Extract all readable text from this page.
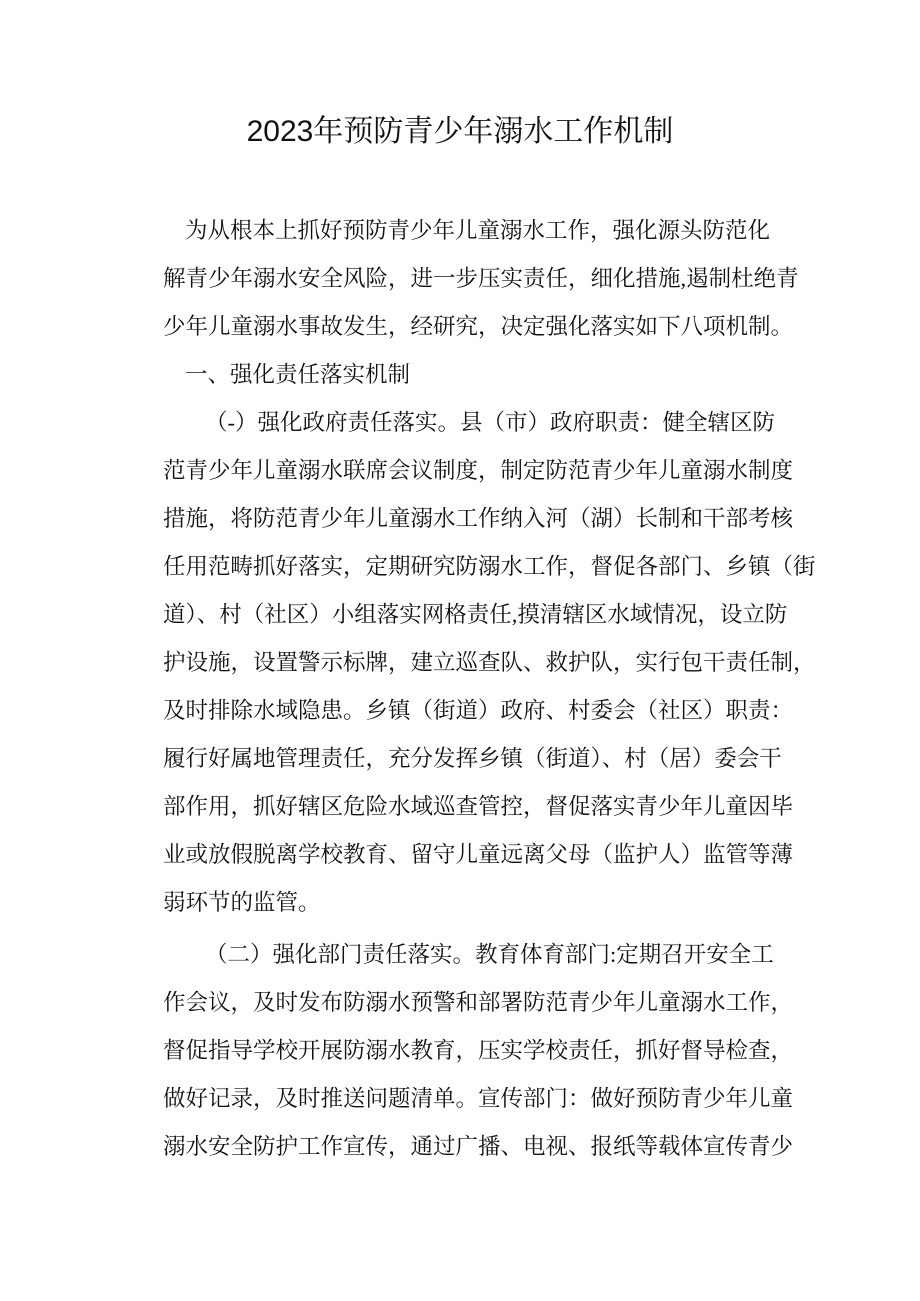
2023年预防青少年溺水工作机制
为从根本上抓好预防青少年儿童溺水工作，强化源头防范化
解青少年溺水安全风险，进一步压实责任，细化措施,遏制杜绝青
少年儿童溺水事故发生，经研究，决定强化落实如下八项机制。
一、强化责任落实机制
（-）强化政府责任落实。县（市）政府职责：健全辖区防
范青少年儿童溺水联席会议制度，制定防范青少年儿童溺水制度
措施，将防范青少年儿童溺水工作纳入河（湖）长制和干部考核
任用范畴抓好落实，定期研究防溺水工作，督促各部门、乡镇（街
道）、村（社区）小组落实网格责任,摸清辖区水域情况，设立防
护设施，设置警示标牌，建立巡查队、救护队，实行包干责任制，
及时排除水域隐患。乡镇（街道）政府、村委会（社区）职责：
履行好属地管理责任，充分发挥乡镇（街道）、村（居）委会干
部作用，抓好辖区危险水域巡查管控，督促落实青少年儿童因毕
业或放假脱离学校教育、留守儿童远离父母（监护人）监管等薄
弱环节的监管。
（二）强化部门责任落实。教育体育部门:定期召开安全工
作会议，及时发布防溺水预警和部署防范青少年儿童溺水工作，
督促指导学校开展防溺水教育，压实学校责任，抓好督导检查，
做好记录，及时推送问题清单。宣传部门：做好预防青少年儿童
溺水安全防护工作宣传，通过广播、电视、报纸等载体宣传青少
